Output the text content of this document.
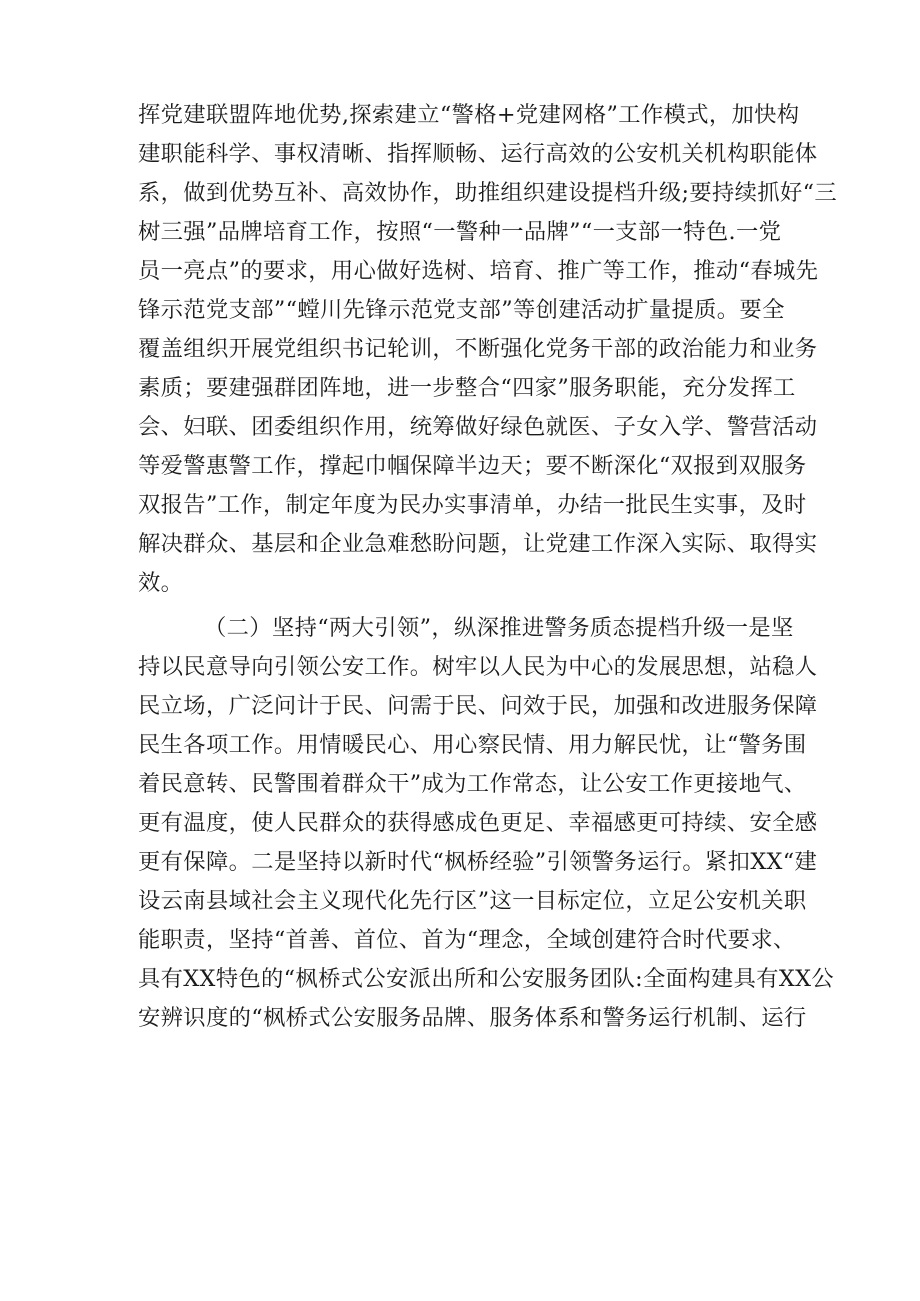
挥党建联盟阵地优势,探索建立“警格+党建网格”工作模式，加快构
建职能科学、事权清晰、指挥顺畅、运行高效的公安机关机构职能体
系，做到优势互补、高效协作，助推组织建设提档升级;要持续抓好“三
树三强”品牌培育工作，按照“一警种一品牌”“一支部一特色.一党
员一亮点”的要求，用心做好选树、培育、推广等工作，推动“春城先
锋示范党支部”“螳川先锋示范党支部”等创建活动扩量提质。要全
覆盖组织开展党组织书记轮训，不断强化党务干部的政治能力和业务
素质；要建强群团阵地，进一步整合“四家”服务职能，充分发挥工
会、妇联、团委组织作用，统筹做好绿色就医、子女入学、警营活动
等爱警惠警工作，撑起巾帼保障半边天；要不断深化“双报到双服务
双报告”工作，制定年度为民办实事清单，办结一批民生实事，及时
解决群众、基层和企业急难愁盼问题，让党建工作深入实际、取得实
效。
（二）坚持“两大引领”，纵深推进警务质态提档升级一是坚
持以民意导向引领公安工作。树牢以人民为中心的发展思想，站稳人
民立场，广泛问计于民、问需于民、问效于民，加强和改进服务保障
民生各项工作。用情暖民心、用心察民情、用力解民忧，让“警务围
着民意转、民警围着群众干”成为工作常态，让公安工作更接地气、
更有温度，使人民群众的获得感成色更足、幸福感更可持续、安全感
更有保障。二是坚持以新时代“枫桥经验”引领警务运行。紧扣XX“建
设云南县域社会主义现代化先行区”这一目标定位，立足公安机关职
能职责，坚持“首善、首位、首为“理念，全域创建符合时代要求、
具有XX特色的“枫桥式公安派出所和公安服务团队:全面构建具有XX公
安辨识度的“枫桥式公安服务品牌、服务体系和警务运行机制、运行
